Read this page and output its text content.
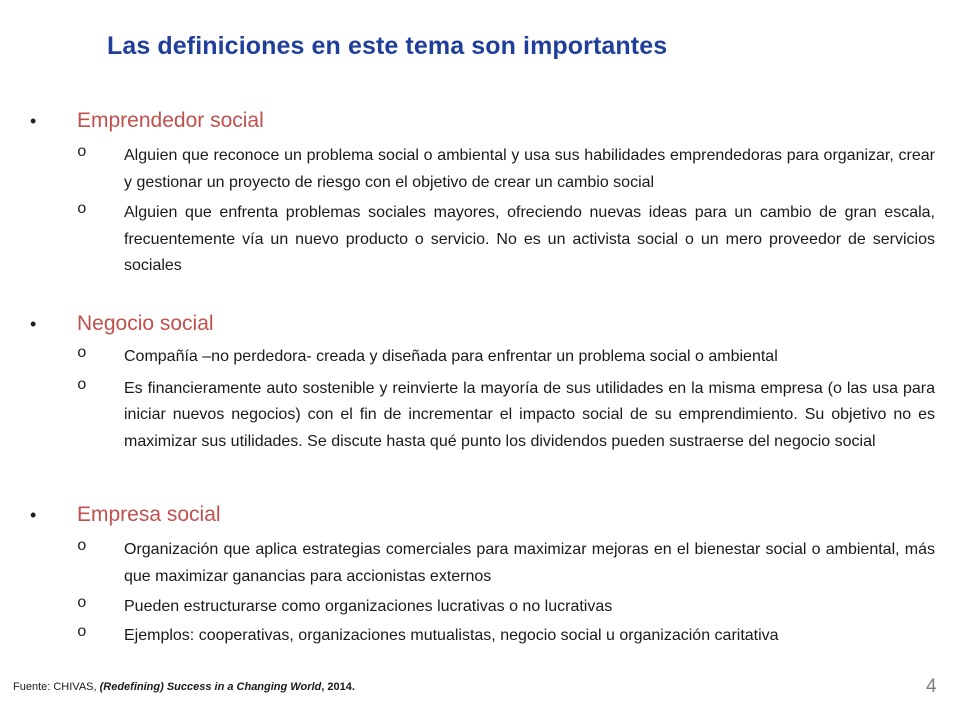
Las definiciones en este tema son importantes
• Emprendedor social
o Alguien que reconoce un problema social o ambiental y usa sus habilidades emprendedoras para organizar, crear y gestionar un proyecto de riesgo con el objetivo de crear un cambio social
o Alguien que enfrenta problemas sociales mayores, ofreciendo nuevas ideas para un cambio de gran escala, frecuentemente vía un nuevo producto o servicio. No es un activista social o un mero proveedor de servicios sociales
• Negocio social
o Compañía –no perdedora- creada y diseñada para enfrentar un problema social o ambiental
o Es financieramente auto sostenible y reinvierte la mayoría de sus utilidades en la misma empresa (o las usa para iniciar nuevos negocios) con el fin de incrementar el impacto social de su emprendimiento. Su objetivo no es maximizar sus utilidades. Se discute hasta qué punto los dividendos pueden sustraerse del negocio social
• Empresa social
o Organización que aplica estrategias comerciales para maximizar mejoras en el bienestar social o ambiental, más que maximizar ganancias para accionistas externos
o Pueden estructurarse como organizaciones lucrativas o no lucrativas
o Ejemplos: cooperativas, organizaciones mutualistas, negocio social u organización caritativa
Fuente: CHIVAS, (Redefining) Success in a Changing World, 2014.	4
